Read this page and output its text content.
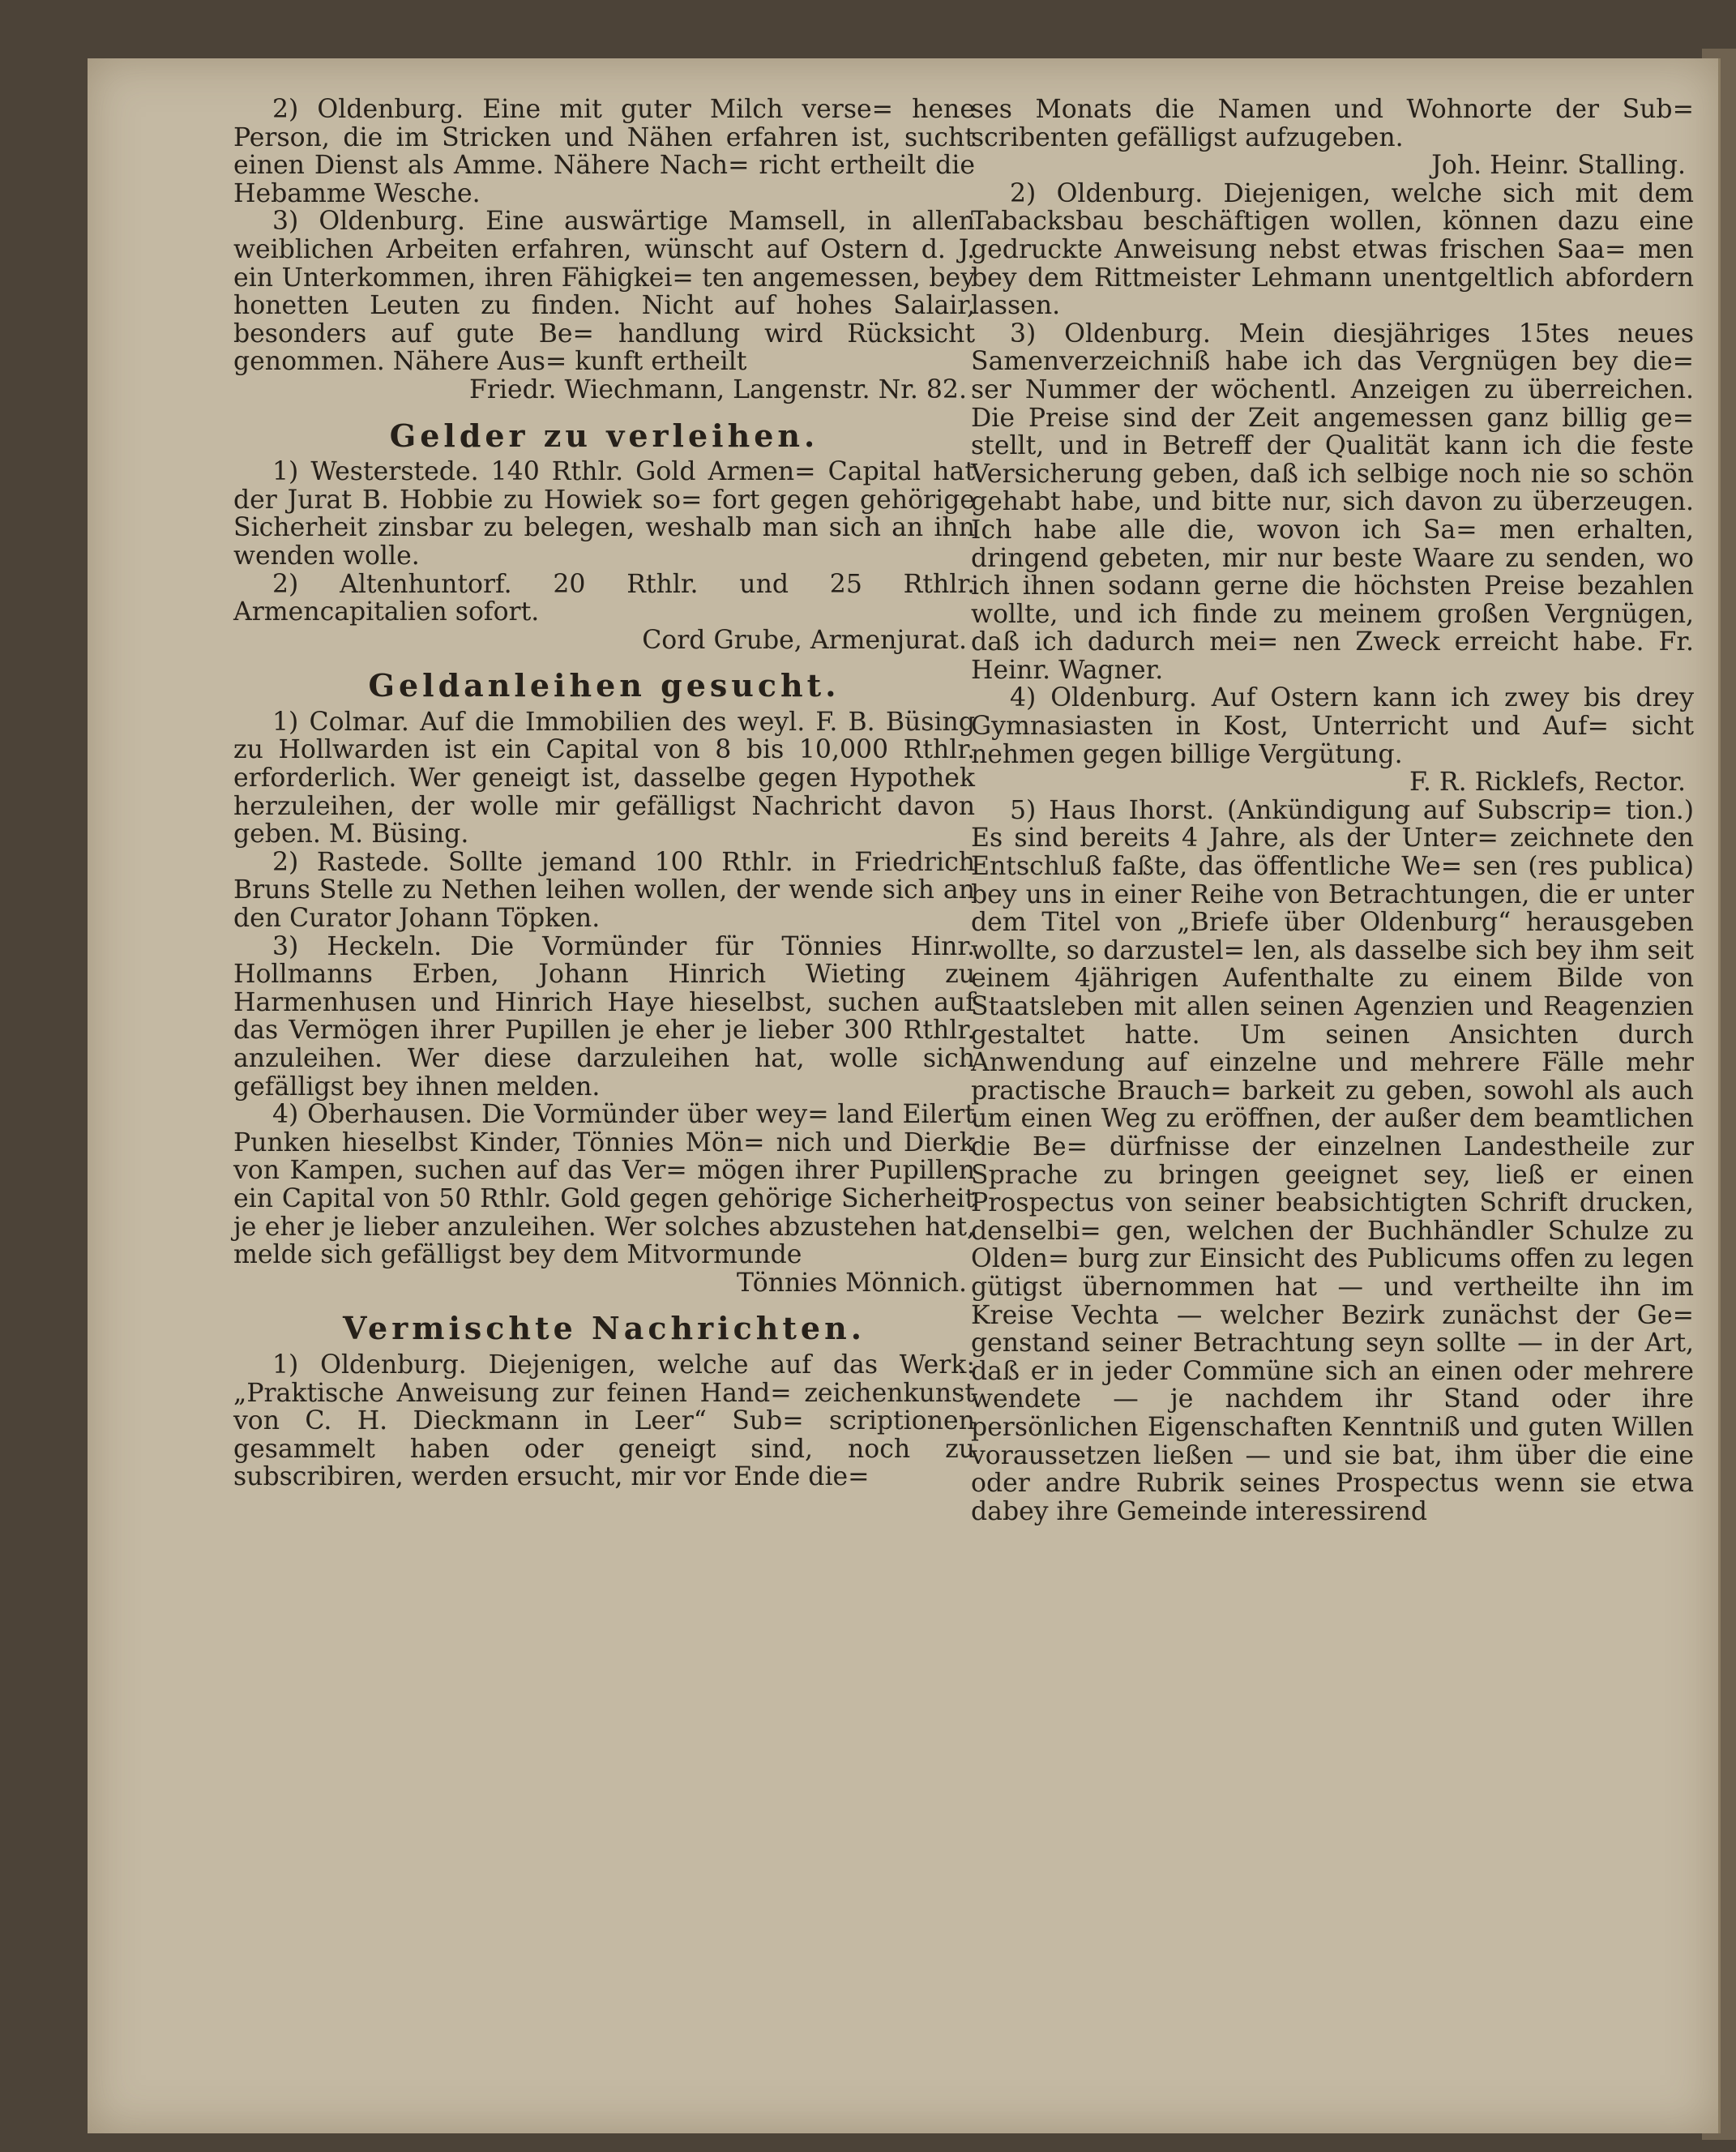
2) Oldenburg. Eine mit guter Milch verse= hene Person, die im Stricken und Nähen erfahren ist, sucht einen Dienst als Amme. Nähere Nach= richt ertheilt die Hebamme Wesche.

3) Oldenburg. Eine auswärtige Mamsell, in allen weiblichen Arbeiten erfahren, wünscht auf Ostern d. J. ein Unterkommen, ihren Fähigkei= ten angemessen, bey honetten Leuten zu finden. Nicht auf hohes Salair, besonders auf gute Be= handlung wird Rücksicht genommen. Nähere Aus= kunft ertheilt

Friedr. Wiechmann, Langenstr. Nr. 82.

Gelder zu verleihen.

1) Westerstede. 140 Rthlr. Gold Armen= Capital hat der Jurat B. Hobbie zu Howiek so= fort gegen gehörige Sicherheit zinsbar zu belegen, weshalb man sich an ihn wenden wolle.

2) Altenhuntorf. 20 Rthlr. und 25 Rthlr. Armencapitalien sofort.

Cord Grube, Armenjurat.

Geldanleihen gesucht.

1) Colmar. Auf die Immobilien des weyl. F. B. Büsing zu Hollwarden ist ein Capital von 8 bis 10,000 Rthlr. erforderlich. Wer geneigt ist, dasselbe gegen Hypothek herzuleihen, der wolle mir gefälligst Nachricht davon geben. M. Büsing.

2) Rastede. Sollte jemand 100 Rthlr. in Friedrich Bruns Stelle zu Nethen leihen wollen, der wende sich an den Curator Johann Töpken.

3) Heckeln. Die Vormünder für Tönnies Hinr. Hollmanns Erben, Johann Hinrich Wieting zu Harmenhusen und Hinrich Haye hieselbst, suchen auf das Vermögen ihrer Pupillen je eher je lieber 300 Rthlr. anzuleihen. Wer diese darzuleihen hat, wolle sich gefälligst bey ihnen melden.

4) Oberhausen. Die Vormünder über wey= land Eilert Punken hieselbst Kinder, Tönnies Mön= nich und Dierk von Kampen, suchen auf das Ver= mögen ihrer Pupillen ein Capital von 50 Rthlr. Gold gegen gehörige Sicherheit je eher je lieber anzuleihen. Wer solches abzustehen hat, melde sich gefälligst bey dem Mitvormunde

Tönnies Mönnich.

Vermischte Nachrichten.

1) Oldenburg. Diejenigen, welche auf das Werk: „Praktische Anweisung zur feinen Hand= zeichenkunst von C. H. Dieckmann in Leer“ Sub= scriptionen gesammelt haben oder geneigt sind, noch zu subscribiren, werden ersucht, mir vor Ende die=

ses Monats die Namen und Wohnorte der Sub= scribenten gefälligst aufzugeben.

Joh. Heinr. Stalling.

2) Oldenburg. Diejenigen, welche sich mit dem Tabacksbau beschäftigen wollen, können dazu eine gedruckte Anweisung nebst etwas frischen Saa= men bey dem Rittmeister Lehmann unentgeltlich abfordern lassen.

3) Oldenburg. Mein diesjähriges 15tes neues Samenverzeichniß habe ich das Vergnügen bey die= ser Nummer der wöchentl. Anzeigen zu überreichen. Die Preise sind der Zeit angemessen ganz billig ge= stellt, und in Betreff der Qualität kann ich die feste Versicherung geben, daß ich selbige noch nie so schön gehabt habe, und bitte nur, sich davon zu überzeugen. Ich habe alle die, wovon ich Sa= men erhalten, dringend gebeten, mir nur beste Waare zu senden, wo ich ihnen sodann gerne die höchsten Preise bezahlen wollte, und ich finde zu meinem großen Vergnügen, daß ich dadurch mei= nen Zweck erreicht habe. Fr. Heinr. Wagner.

4) Oldenburg. Auf Ostern kann ich zwey bis drey Gymnasiasten in Kost, Unterricht und Auf= sicht nehmen gegen billige Vergütung.

F. R. Ricklefs, Rector.

5) Haus Ihorst. (Ankündigung auf Subscrip= tion.) Es sind bereits 4 Jahre, als der Unter= zeichnete den Entschluß faßte, das öffentliche We= sen (res publica) bey uns in einer Reihe von Betrachtungen, die er unter dem Titel von „Briefe über Oldenburg“ herausgeben wollte, so darzustel= len, als dasselbe sich bey ihm seit einem 4jährigen Aufenthalte zu einem Bilde von Staatsleben mit allen seinen Agenzien und Reagenzien gestaltet hatte. Um seinen Ansichten durch Anwendung auf einzelne und mehrere Fälle mehr practische Brauch= barkeit zu geben, sowohl als auch um einen Weg zu eröffnen, der außer dem beamtlichen die Be= dürfnisse der einzelnen Landestheile zur Sprache zu bringen geeignet sey, ließ er einen Prospectus von seiner beabsichtigten Schrift drucken, denselbi= gen, welchen der Buchhändler Schulze zu Olden= burg zur Einsicht des Publicums offen zu legen gütigst übernommen hat — und vertheilte ihn im Kreise Vechta — welcher Bezirk zunächst der Ge= genstand seiner Betrachtung seyn sollte — in der Art, daß er in jeder Commüne sich an einen oder mehrere wendete — je nachdem ihr Stand oder ihre persönlichen Eigenschaften Kenntniß und guten Willen voraussetzen ließen — und sie bat, ihm über die eine oder andre Rubrik seines Prospectus wenn sie etwa dabey ihre Gemeinde interessirend
